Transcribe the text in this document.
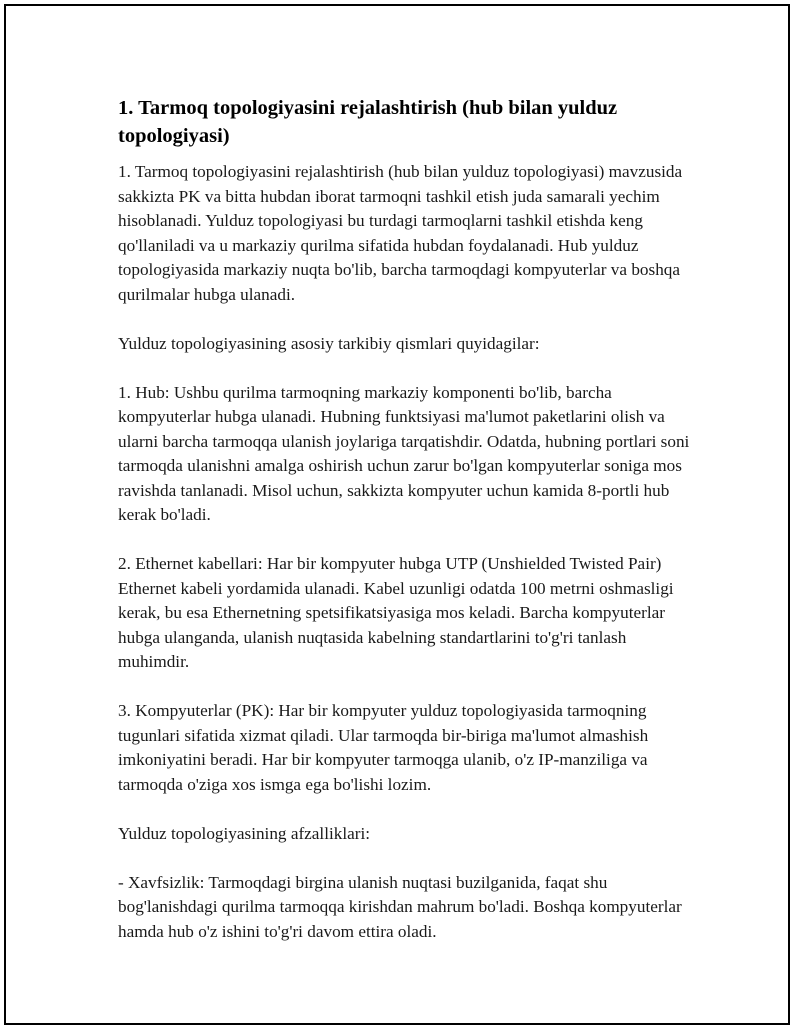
1. Tarmoq topologiyasini rejalashtirish (hub bilan yulduz topologiyasi)

1. Tarmoq topologiyasini rejalashtirish (hub bilan yulduz topologiyasi) mavzusida sakkizta PK va bitta hubdan iborat tarmoqni tashkil etish juda samarali yechim hisoblanadi. Yulduz topologiyasi bu turdagi tarmoqlarni tashkil etishda keng qo'llaniladi va u markaziy qurilma sifatida hubdan foydalanadi. Hub yulduz topologiyasida markaziy nuqta bo'lib, barcha tarmoqdagi kompyuterlar va boshqa qurilmalar hubga ulanadi.

Yulduz topologiyasining asosiy tarkibiy qismlari quyidagilar:

1. Hub: Ushbu qurilma tarmoqning markaziy komponenti bo'lib, barcha kompyuterlar hubga ulanadi. Hubning funktsiyasi ma'lumot paketlarini olish va ularni barcha tarmoqqa ulanish joylariga tarqatishdir. Odatda, hubning portlari soni tarmoqda ulanishni amalga oshirish uchun zarur bo'lgan kompyuterlar soniga mos ravishda tanlanadi. Misol uchun, sakkizta kompyuter uchun kamida 8-portli hub kerak bo'ladi.

2. Ethernet kabellari: Har bir kompyuter hubga UTP (Unshielded Twisted Pair) Ethernet kabeli yordamida ulanadi. Kabel uzunligi odatda 100 metrni oshmasligi kerak, bu esa Ethernetning spetsifikatsiyasiga mos keladi. Barcha kompyuterlar hubga ulanganda, ulanish nuqtasida kabelning standartlarini to'g'ri tanlash muhimdir.

3. Kompyuterlar (PK): Har bir kompyuter yulduz topologiyasida tarmoqning tugunlari sifatida xizmat qiladi. Ular tarmoqda bir-biriga ma'lumot almashish imkoniyatini beradi. Har bir kompyuter tarmoqga ulanib, o'z IP-manziliga va tarmoqda o'ziga xos ismga ega bo'lishi lozim.

Yulduz topologiyasining afzalliklari:

- Xavfsizlik: Tarmoqdagi birgina ulanish nuqtasi buzilganida, faqat shu bog'lanishdagi qurilma tarmoqqa kirishdan mahrum bo'ladi. Boshqa kompyuterlar hamda hub o'z ishini to'g'ri davom ettira oladi.
